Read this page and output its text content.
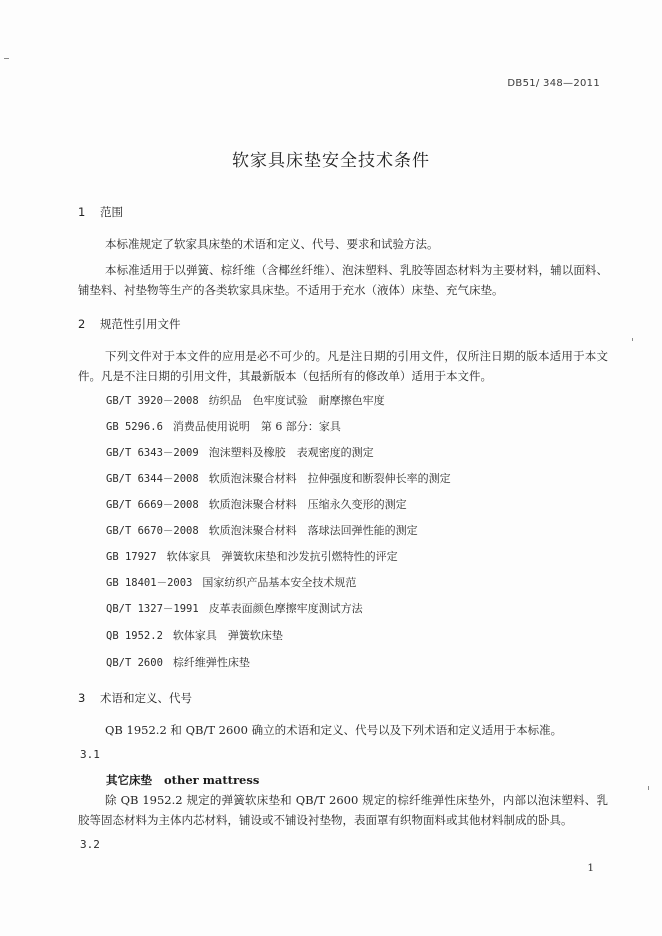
DB51/ 348—2011
软家具床垫安全技术条件
1 范围
本标准规定了软家具床垫的术语和定义、代号、要求和试验方法。
本标准适用于以弹簧、棕纤维（含椰丝纤维）、泡沫塑料、乳胶等固态材料为主要材料，辅以面料、铺垫料、衬垫物等生产的各类软家具床垫。不适用于充水（液体）床垫、充气床垫。
2 规范性引用文件
下列文件对于本文件的应用是必不可少的。凡是注日期的引用文件，仅所注日期的版本适用于本文件。凡是不注日期的引用文件，其最新版本（包括所有的修改单）适用于本文件。
GB/T 3920－2008 纺织品　色牢度试验　耐摩擦色牢度
GB 5296.6 消费品使用说明　第 6 部分：家具
GB/T 6343－2009 泡沫塑料及橡胶　表观密度的测定
GB/T 6344－2008 软质泡沫聚合材料　拉伸强度和断裂伸长率的测定
GB/T 6669－2008 软质泡沫聚合材料　压缩永久变形的测定
GB/T 6670－2008 软质泡沫聚合材料　落球法回弹性能的测定
GB 17927 软体家具　弹簧软床垫和沙发抗引燃特性的评定
GB 18401－2003 国家纺织产品基本安全技术规范
QB/T 1327－1991 皮革表面颜色摩擦牢度测试方法
QB 1952.2 软体家具　弹簧软床垫
QB/T 2600 棕纤维弹性床垫
3 术语和定义、代号
QB 1952.2 和 QB/T 2600 确立的术语和定义、代号以及下列术语和定义适用于本标准。
3.1
其它床垫 other mattress
除 QB 1952.2 规定的弹簧软床垫和 QB/T 2600 规定的棕纤维弹性床垫外，内部以泡沫塑料、乳胶等固态材料为主体内芯材料，铺设或不铺设衬垫物，表面罩有织物面料或其他材料制成的卧具。
3.2
1
